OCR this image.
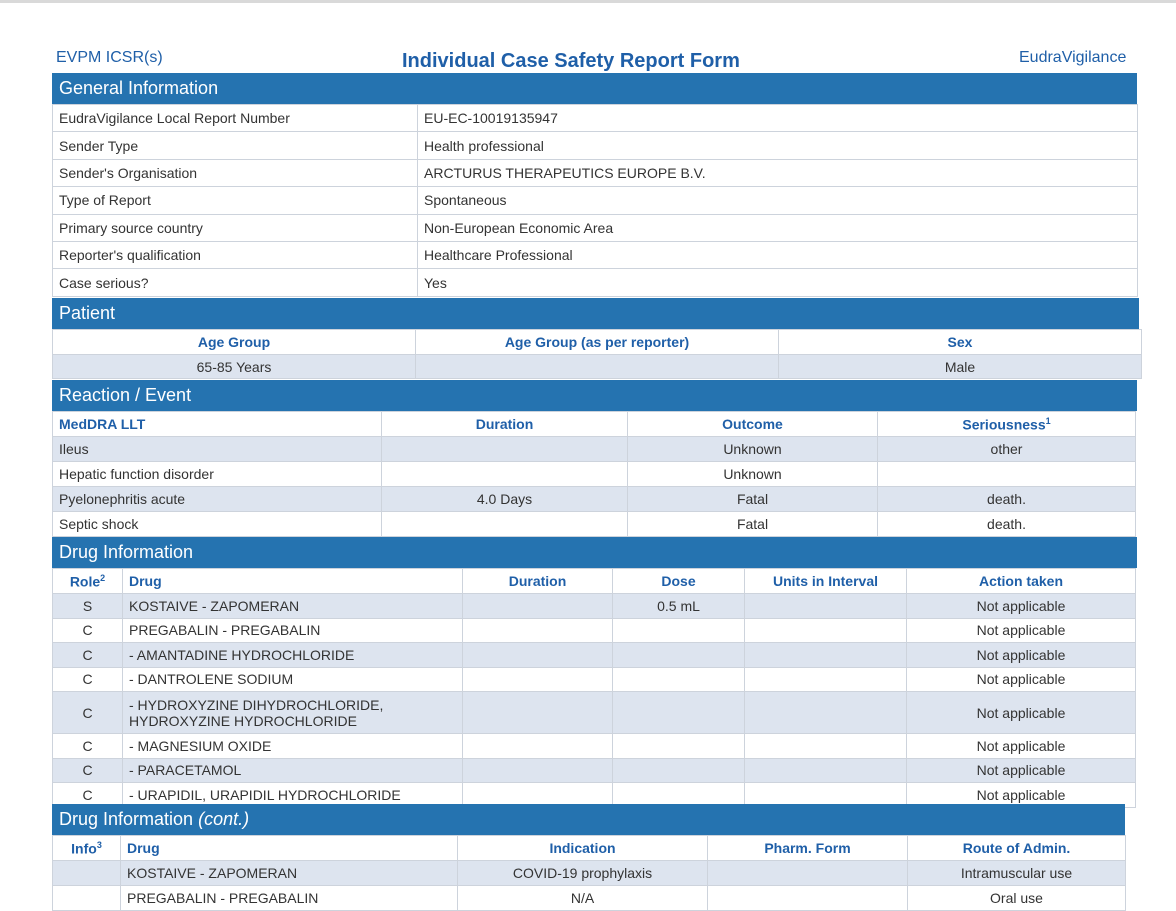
EVPM ICSR(s)	Individual Case Safety Report Form	EudraVigilance
General Information
EudraVigilance Local Report Number	EU-EC-10019135947
Sender Type	Health professional
Sender's Organisation	ARCTURUS THERAPEUTICS EUROPE B.V.
Type of Report	Spontaneous
Primary source country	Non-European Economic Area
Reporter's qualification	Healthcare Professional
Case serious?	Yes
Patient
Age Group	Age Group (as per reporter)	Sex
65-85 Years		Male
Reaction / Event
MedDRA LLT	Duration	Outcome	Seriousness$^1$
Ileus		Unknown	other
Hepatic function disorder		Unknown	
Pyelonephritis acute	4.0 Days	Fatal	death.
Septic shock		Fatal	death.
Drug Information
Role$^2$	Drug	Duration	Dose	Units in Interval	Action taken
S	KOSTAIVE - ZAPOMERAN		0.5 mL		Not applicable
C	PREGABALIN - PREGABALIN				Not applicable
C	- AMANTADINE HYDROCHLORIDE				Not applicable
C	- DANTROLENE SODIUM				Not applicable
C	- HYDROXYZINE DIHYDROCHLORIDE, HYDROXYZINE HYDROCHLORIDE				Not applicable
C	- MAGNESIUM OXIDE				Not applicable
C	- PARACETAMOL				Not applicable
C	- URAPIDIL, URAPIDIL HYDROCHLORIDE				Not applicable
Drug Information (cont.)
Info$^3$	Drug	Indication	Pharm. Form	Route of Admin.
	KOSTAIVE - ZAPOMERAN	COVID-19 prophylaxis		Intramuscular use
	PREGABALIN - PREGABALIN	N/A		Oral use
